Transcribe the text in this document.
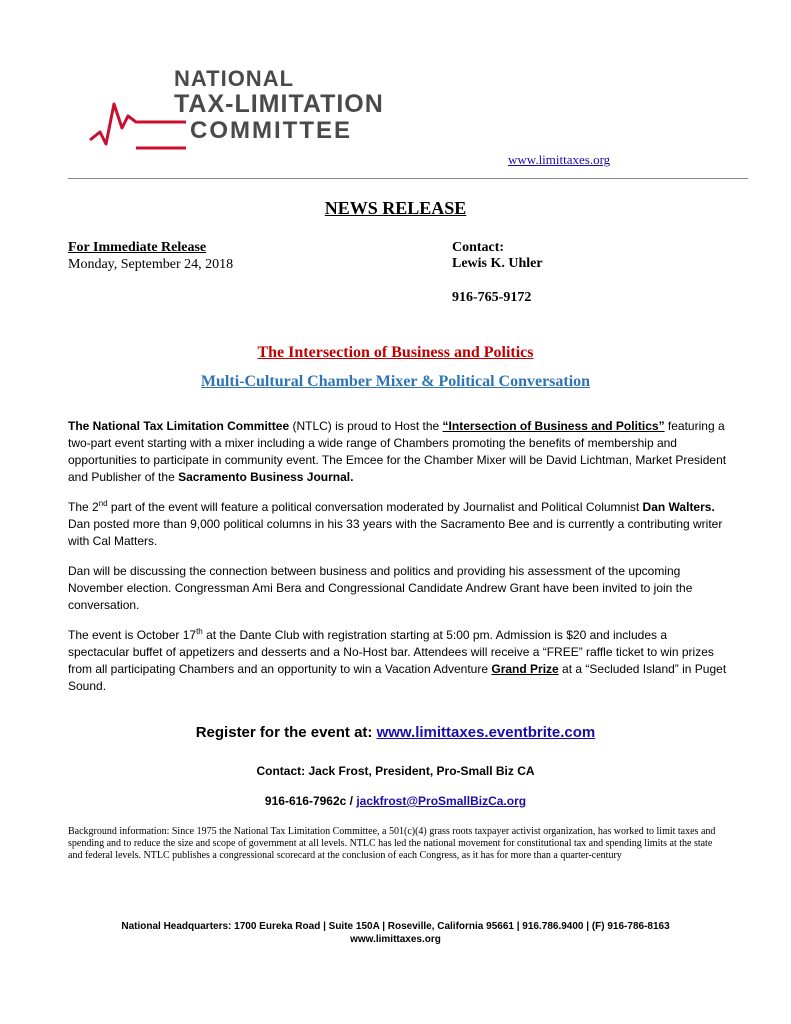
NATIONAL
TAX-LIMITATION
COMMITTEE
www.limittaxes.org
NEWS RELEASE
For Immediate Release
Monday, September 24, 2018
Contact:
Lewis K. Uhler
916-765-9172
The Intersection of Business and Politics
Multi-Cultural Chamber Mixer & Political Conversation
The National Tax Limitation Committee (NTLC) is proud to Host the “Intersection of Business and Politics” featuring a two-part event starting with a mixer including a wide range of Chambers promoting the benefits of membership and opportunities to participate in community event. The Emcee for the Chamber Mixer will be David Lichtman, Market President and Publisher of the Sacramento Business Journal.
The 2nd part of the event will feature a political conversation moderated by Journalist and Political Columnist Dan Walters. Dan posted more than 9,000 political columns in his 33 years with the Sacramento Bee and is currently a contributing writer with Cal Matters.
Dan will be discussing the connection between business and politics and providing his assessment of the upcoming November election. Congressman Ami Bera and Congressional Candidate Andrew Grant have been invited to join the conversation.
The event is October 17th at the Dante Club with registration starting at 5:00 pm. Admission is $20 and includes a spectacular buffet of appetizers and desserts and a No-Host bar. Attendees will receive a “FREE” raffle ticket to win prizes from all participating Chambers and an opportunity to win a Vacation Adventure Grand Prize at a “Secluded Island” in Puget Sound.
Register for the event at: www.limittaxes.eventbrite.com
Contact: Jack Frost, President, Pro-Small Biz CA
916-616-7962c / jackfrost@ProSmallBizCa.org
Background information: Since 1975 the National Tax Limitation Committee, a 501(c)(4) grass roots taxpayer activist organization, has worked to limit taxes and spending and to reduce the size and scope of government at all levels. NTLC has led the national movement for constitutional tax and spending limits at the state and federal levels. NTLC publishes a congressional scorecard at the conclusion of each Congress, as it has for more than a quarter-century
National Headquarters: 1700 Eureka Road | Suite 150A | Roseville, California 95661 | 916.786.9400 | (F) 916-786-8163
www.limittaxes.org
